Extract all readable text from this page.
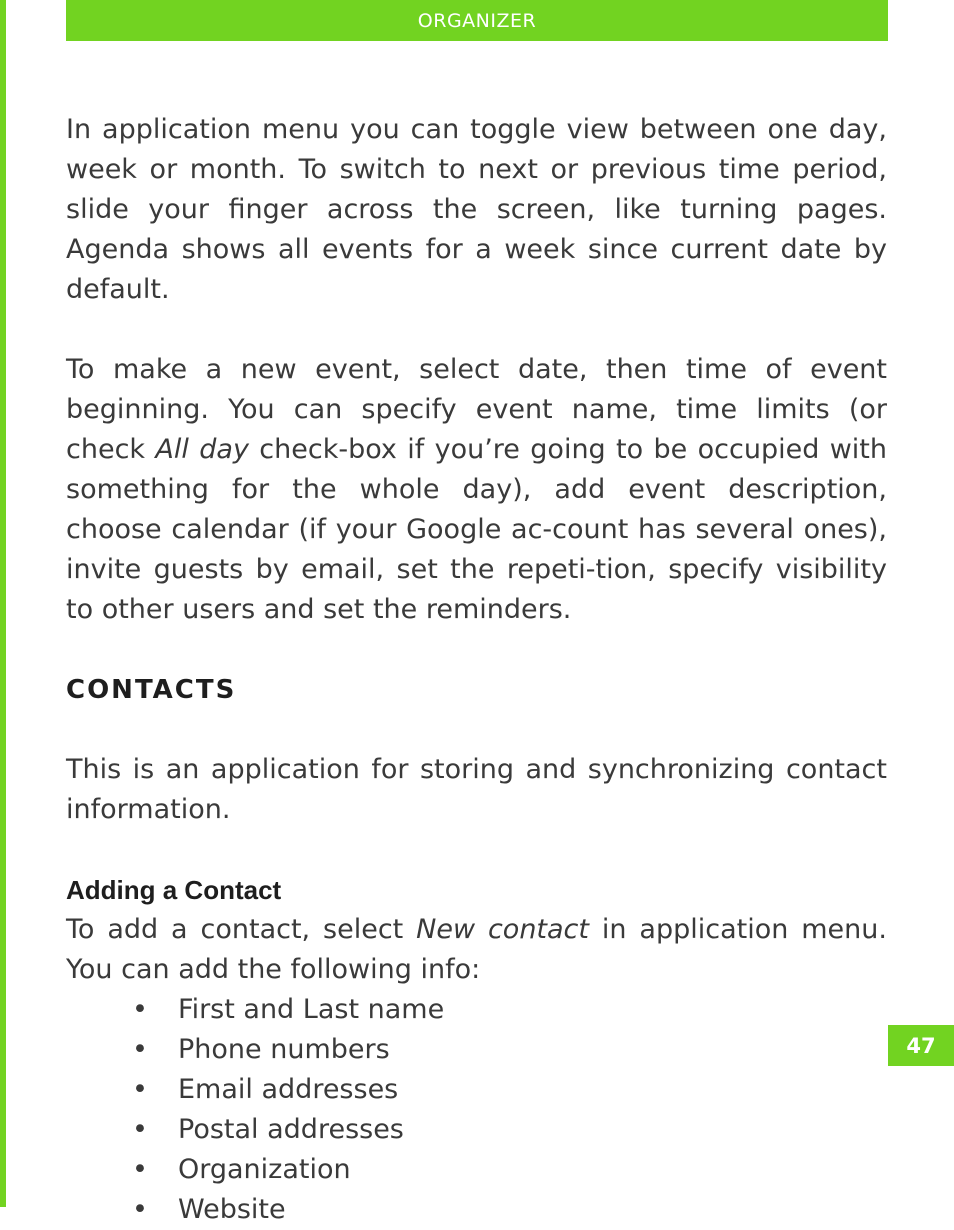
ORGANIZER

In application menu you can toggle view between one day, week or month. To switch to next or previous time period, slide your finger across the screen, like turning pages. Agenda shows all events for a week since current date by default.

To make a new event, select date, then time of event beginning. You can specify event name, time limits (or check All day check-box if you’re going to be occupied with something for the whole day), add event description, choose calendar (if your Google ac-count has several ones), invite guests by email, set the repeti-tion, specify visibility to other users and set the reminders.

CONTACTS

This is an application for storing and synchronizing contact information.

Adding a Contact

To add a contact, select New contact in application menu. You can add the following info:

• First and Last name
• Phone numbers
• Email addresses
• Postal addresses
• Organization
• Website
47
